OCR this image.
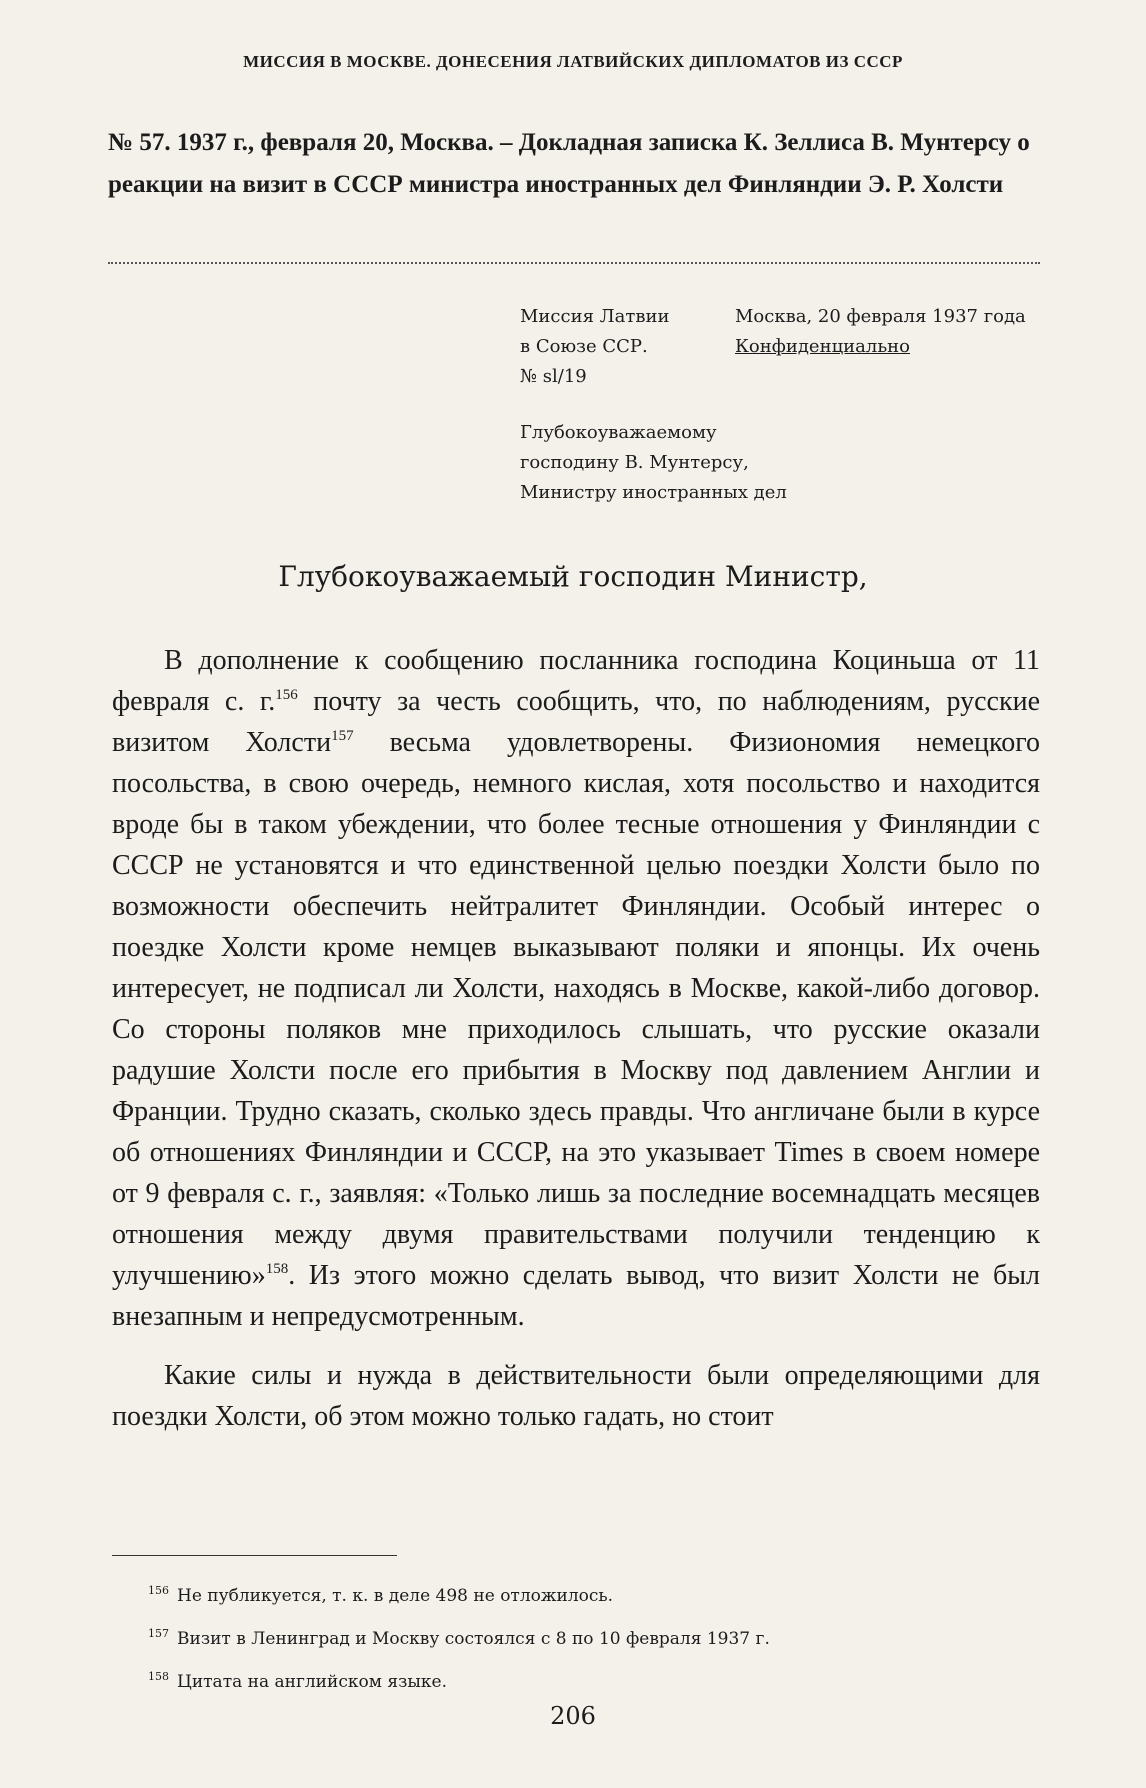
МИССИЯ В МОСКВЕ. ДОНЕСЕНИЯ ЛАТВИЙСКИХ ДИПЛОМАТОВ ИЗ СССР
№ 57. 1937 г., февраля 20, Москва. – Докладная записка К. Зеллиса В. Мунтерсу о реакции на визит в СССР министра иностранных дел Финляндии Э. Р. Холсти
Миссия Латвии
в Союзе ССР.
№ sl/19
Москва, 20 февраля 1937 года
Конфиденциально
Глубокоуважаемому
господину В. Мунтерсу,
Министру иностранных дел
Глубокоуважаемый господин Министр,

В дополнение к сообщению посланника господина Коциньша от 11 февраля с. г.$^{156}$ почту за честь сообщить, что, по наблюдениям, русские визитом Холсти$^{157}$ весьма удовлетворены. Физиономия немецкого посольства, в свою очередь, немного кислая, хотя посольство и находится вроде бы в таком убеждении, что более тесные отношения у Финляндии с СССР не установятся и что единственной целью поездки Холсти было по возможности обеспечить нейтралитет Финляндии. Особый интерес о поездке Холсти кроме немцев выказывают поляки и японцы. Их очень интересует, не подписал ли Холсти, находясь в Москве, какой-либо договор. Со стороны поляков мне приходилось слышать, что русские оказали радушие Холсти после его прибытия в Москву под давлением Англии и Франции. Трудно сказать, сколько здесь правды. Что англичане были в курсе об отношениях Финляндии и СССР, на это указывает Times в своем номере от 9 февраля с. г., заявляя: «Только лишь за последние восемнадцать месяцев отношения между двумя правительствами получили тенденцию к улучшению»$^{158}$. Из этого можно сделать вывод, что визит Холсти не был внезапным и непредусмотренным.

Какие силы и нужда в действительности были определяющими для поездки Холсти, об этом можно только гадать, но стоит

$^{156}$ Не публикуется, т. к. в деле 498 не отложилось.
$^{157}$ Визит в Ленинград и Москву состоялся с 8 по 10 февраля 1937 г.
$^{158}$ Цитата на английском языке.
206
